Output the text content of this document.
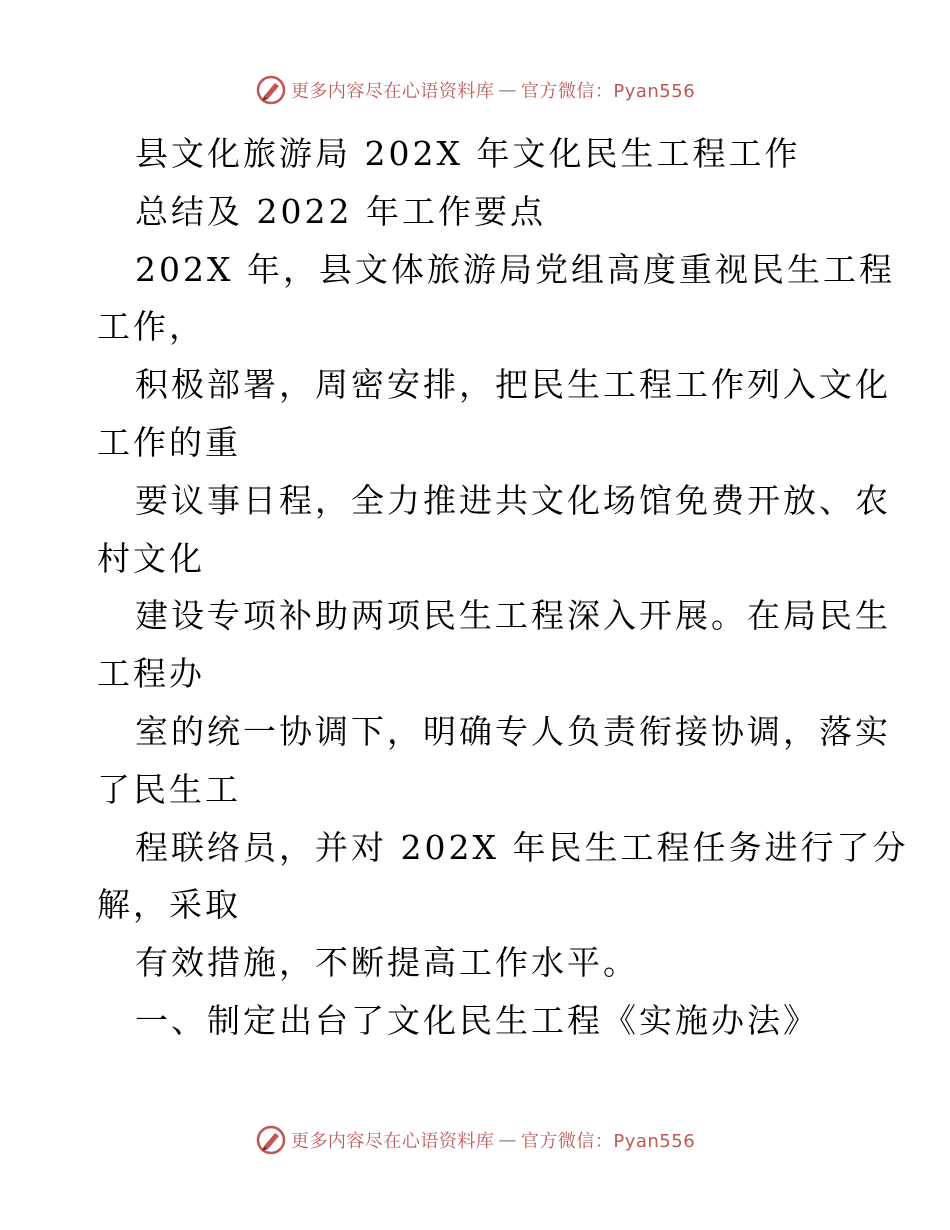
更多内容尽在心语资料库 — 官方微信：Pyan556
县文化旅游局 202X 年文化民生工程工作
总结及 2022 年工作要点
202X 年，县文体旅游局党组高度重视民生工程
工作，
积极部署，周密安排，把民生工程工作列入文化
工作的重
要议事日程，全力推进共文化场馆免费开放、农
村文化
建设专项补助两项民生工程深入开展。在局民生
工程办
室的统一协调下，明确专人负责衔接协调，落实
了民生工
程联络员，并对 202X 年民生工程任务进行了分
解，采取
有效措施，不断提高工作水平。
一、制定出台了文化民生工程《实施办法》
更多内容尽在心语资料库 — 官方微信：Pyan556
